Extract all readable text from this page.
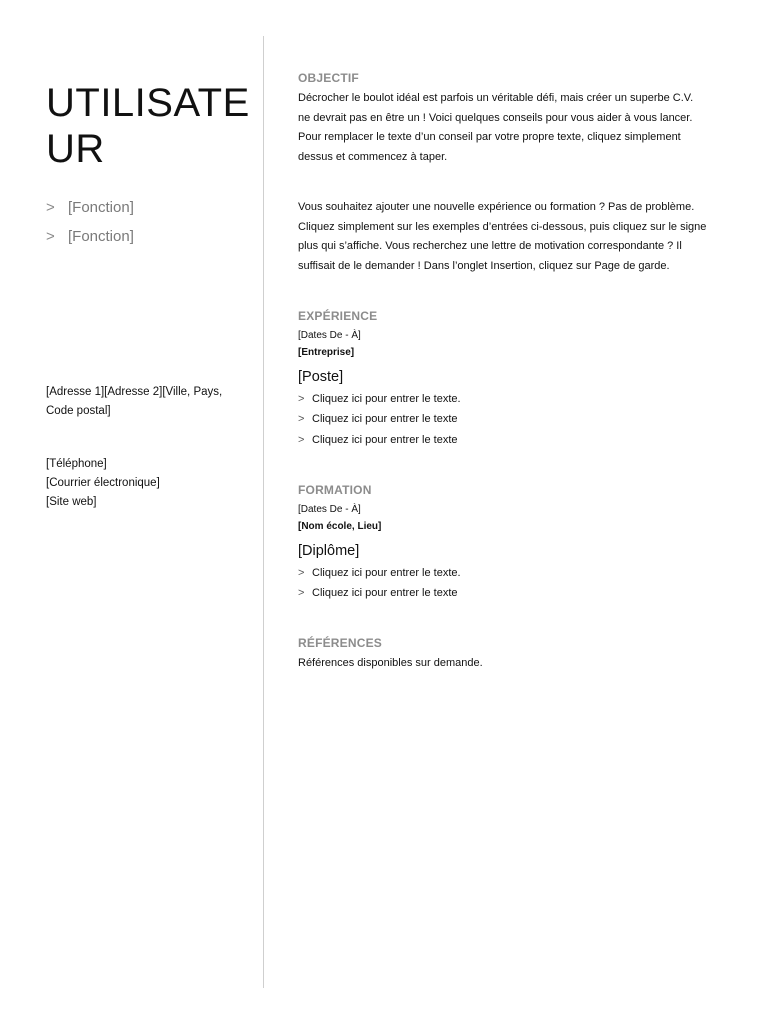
UTILISATE
UR
> [Fonction]
> [Fonction]
[Adresse 1][Adresse 2][Ville, Pays,
Code postal]
[Téléphone]
[Courrier électronique]
[Site web]
OBJECTIF

Décrocher le boulot idéal est parfois un véritable défi, mais créer un superbe C.V.
ne devrait pas en être un ! Voici quelques conseils pour vous aider à vous lancer.
Pour remplacer le texte d’un conseil par votre propre texte, cliquez simplement
dessus et commencez à taper.

Vous souhaitez ajouter une nouvelle expérience ou formation ? Pas de problème.
Cliquez simplement sur les exemples d’entrées ci-dessous, puis cliquez sur le signe
plus qui s’affiche. Vous recherchez une lettre de motivation correspondante ? Il
suffisait de le demander ! Dans l’onglet Insertion, cliquez sur Page de garde.

EXPÉRIENCE
[Dates De - À]
[Entreprise]
[Poste]
> Cliquez ici pour entrer le texte.
> Cliquez ici pour entrer le texte
> Cliquez ici pour entrer le texte
FORMATION
[Dates De - À]
[Nom école, Lieu]
[Diplôme]
> Cliquez ici pour entrer le texte.
> Cliquez ici pour entrer le texte
RÉFÉRENCES

Références disponibles sur demande.
